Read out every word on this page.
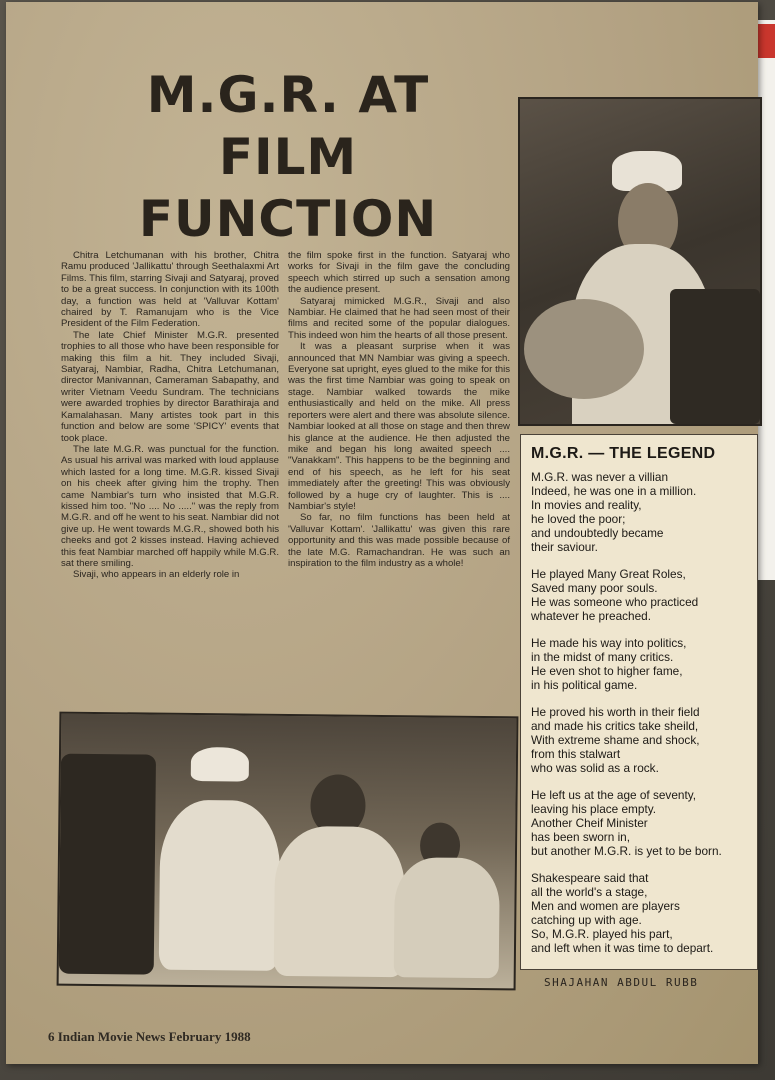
M.G.R. AT
FILM
FUNCTION

Chitra Letchumanan with his brother, Chitra Ramu produced 'Jallikattu' through Seethalaxmi Art Films. This film, starring Sivaji and Satyaraj, proved to be a great success. In conjunction with its 100th day, a function was held at 'Valluvar Kottam' chaired by T. Ramanujam who is the Vice President of the Film Federation.

The late Chief Minister M.G.R. presented trophies to all those who have been responsible for making this film a hit. They included Sivaji, Satyaraj, Nambiar, Radha, Chitra Letchumanan, director Manivannan, Cameraman Sabapathy, and writer Vietnam Veedu Sundram. The technicians were awarded trophies by director Barathiraja and Kamalahasan. Many artistes took part in this function and below are some 'SPICY' events that took place.

The late M.G.R. was punctual for the function. As usual his arrival was marked with loud applause which lasted for a long time. M.G.R. kissed Sivaji on his cheek after giving him the trophy. Then came Nambiar's turn who insisted that M.G.R. kissed him too. "No .... No ....." was the reply from M.G.R. and off he went to his seat. Nambiar did not give up. He went towards M.G.R., showed both his cheeks and got 2 kisses instead. Having achieved this feat Nambiar marched off happily while M.G.R. sat there smiling.

Sivaji, who appears in an elderly role in

the film spoke first in the function. Satyaraj who works for Sivaji in the film gave the concluding speech which stirred up such a sensation among the audience present.

Satyaraj mimicked M.G.R., Sivaji and also Nambiar. He claimed that he had seen most of their films and recited some of the popular dialogues. This indeed won him the hearts of all those present.

It was a pleasant surprise when it was announced that MN Nambiar was giving a speech. Everyone sat upright, eyes glued to the mike for this was the first time Nambiar was going to speak on stage. Nambiar walked towards the mike enthusiastically and held on the mike. All press reporters were alert and there was absolute silence. Nambiar looked at all those on stage and then threw his glance at the audience. He then adjusted the mike and began his long awaited speech .... "Vanakkam". This happens to be the beginning and end of his speech, as he left for his seat immediately after the greeting! This was obviously followed by a huge cry of laughter. This is .... Nambiar's style!

So far, no film functions has been held at 'Valluvar Kottam'. 'Jallikattu' was given this rare opportunity and this was made possible because of the late M.G. Ramachandran. He was such an inspiration to the film industry as a whole!

M.G.R. — THE LEGEND
M.G.R. was never a villian
Indeed, he was one in a million.
In movies and reality,
he loved the poor;
and undoubtedly became
their saviour.
He played Many Great Roles,
Saved many poor souls.
He was someone who practiced
whatever he preached.
He made his way into politics,
in the midst of many critics.
He even shot to higher fame,
in his political game.
He proved his worth in their field
and made his critics take sheild,
With extreme shame and shock,
from this stalwart
who was solid as a rock.
He left us at the age of seventy,
leaving his place empty.
Another Cheif Minister
has been sworn in,
but another M.G.R. is yet to be born.
Shakespeare said that
all the world's a stage,
Men and women are players
catching up with age.
So, M.G.R. played his part,
and left when it was time to depart.
SHAJAHAN ABDUL RUBB
6 Indian Movie News February 1988
